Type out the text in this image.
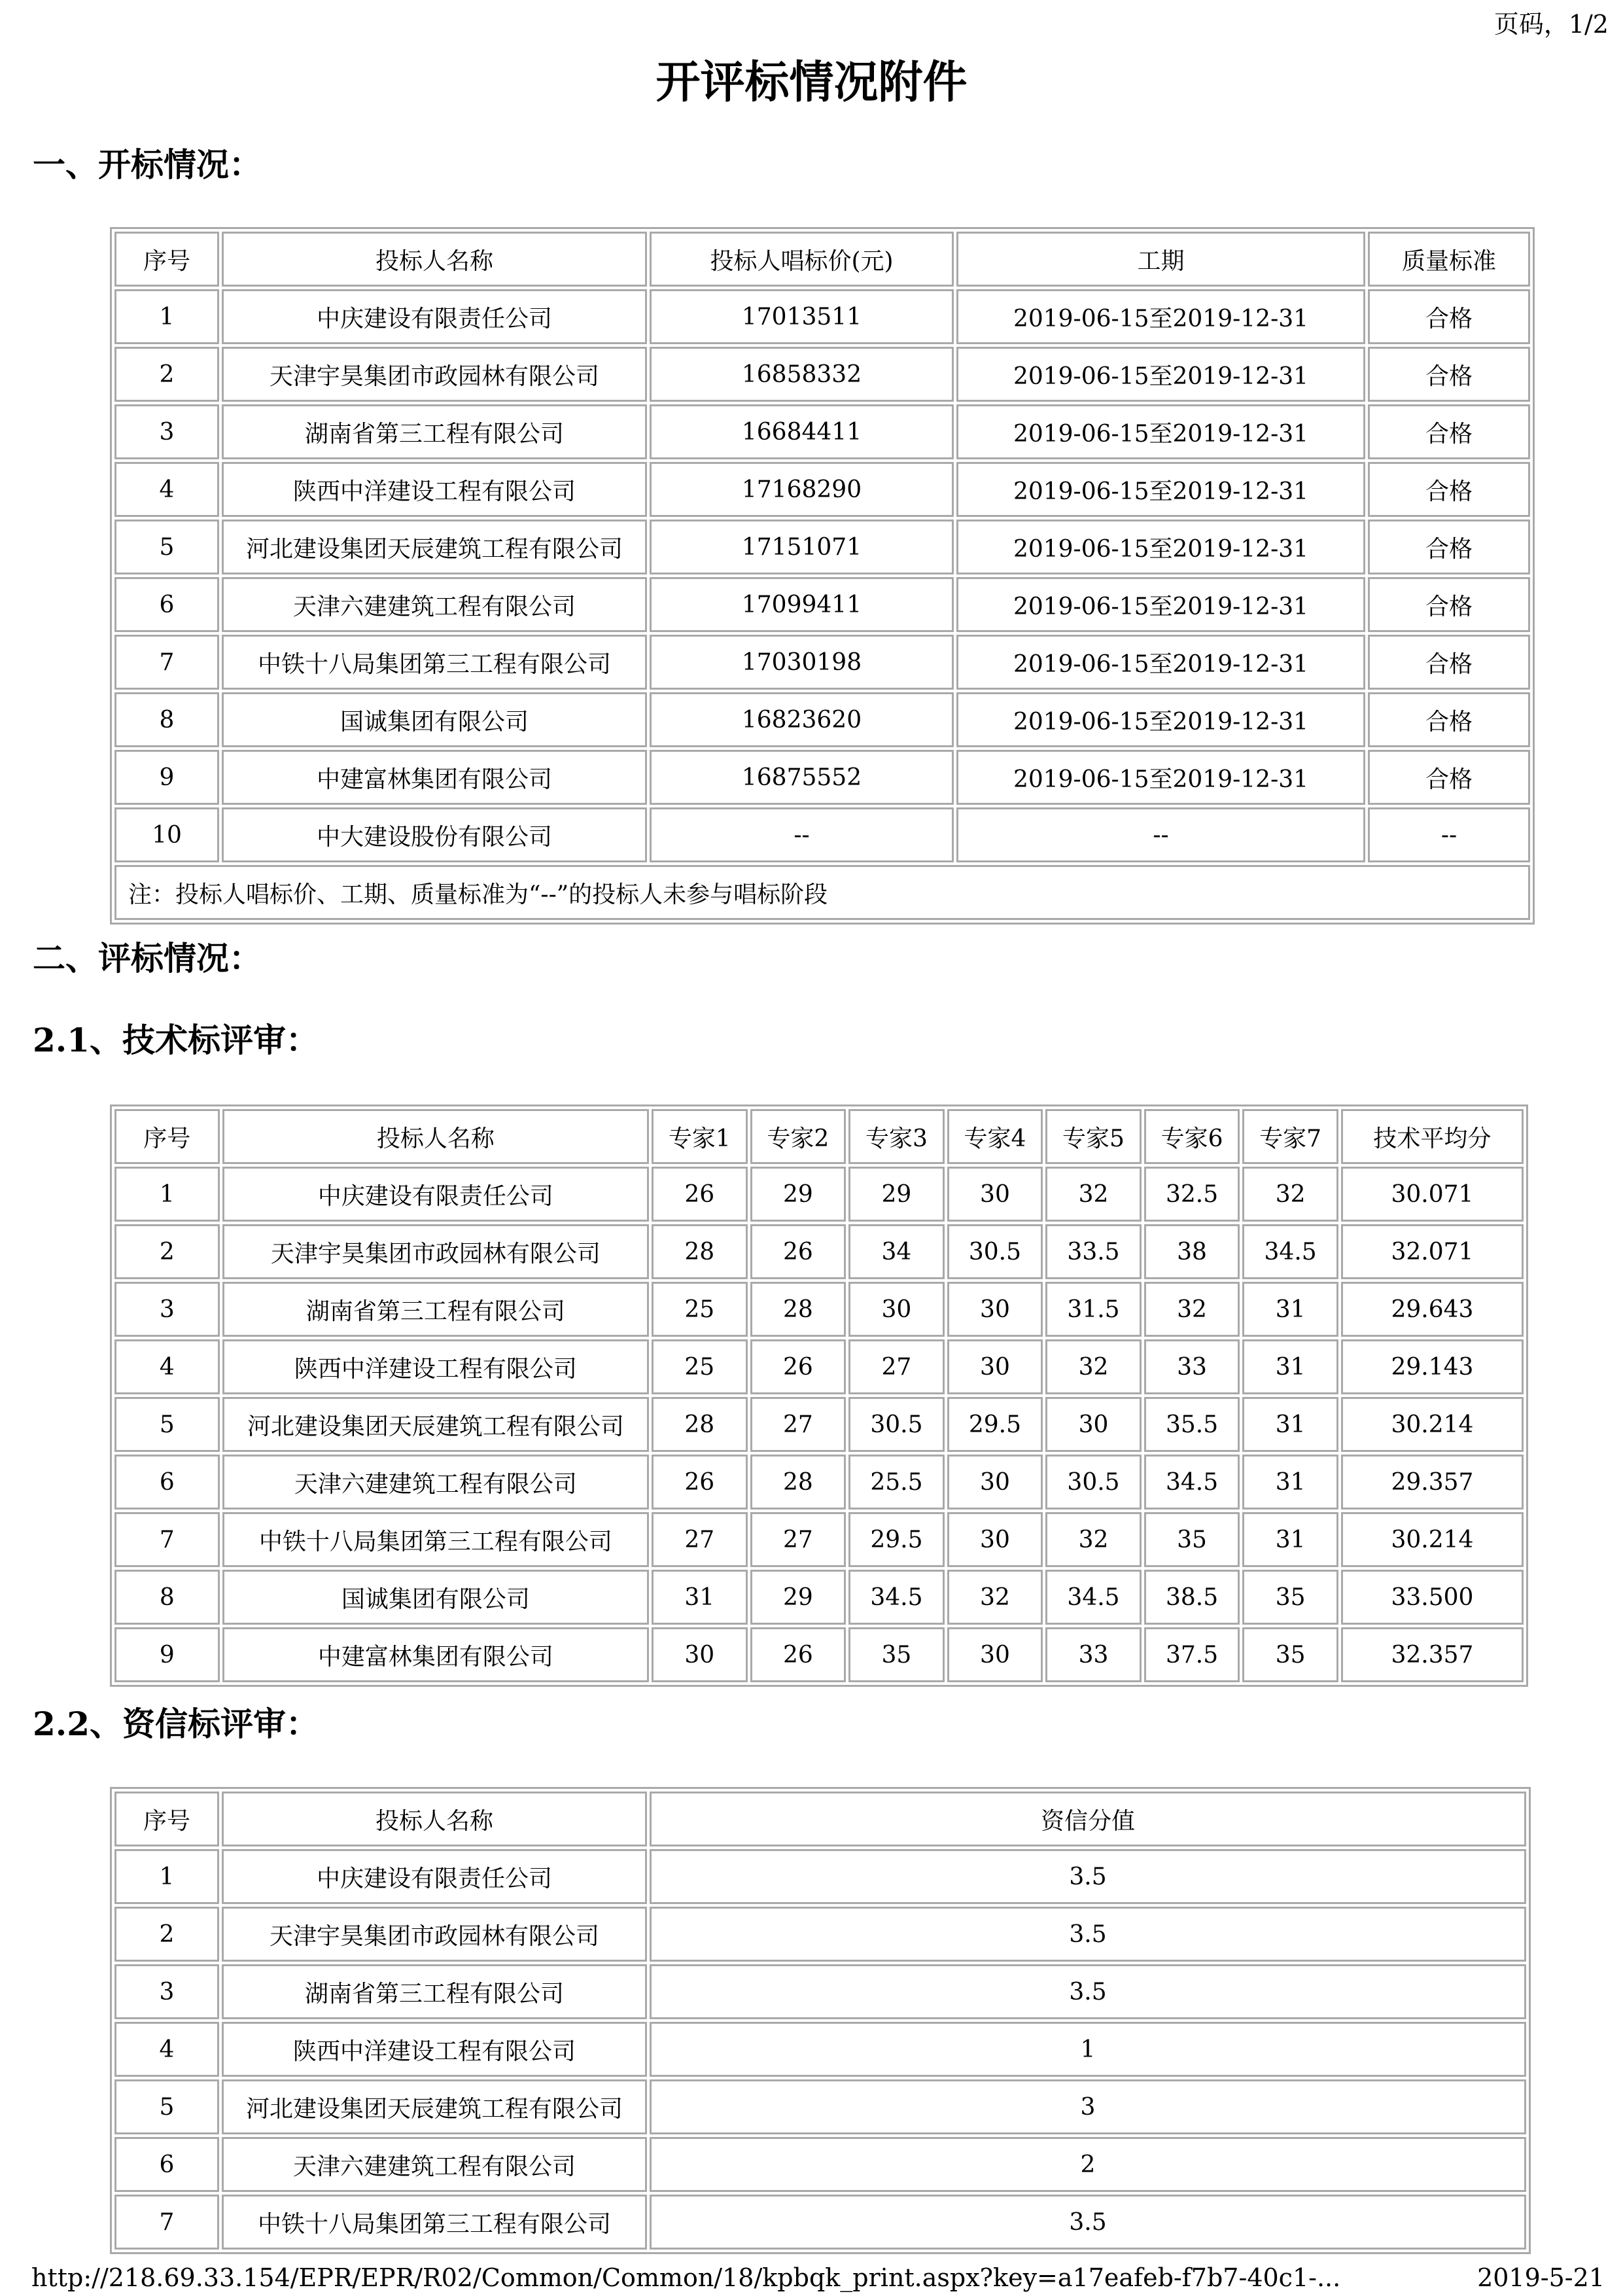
页码，1/2
开评标情况附件
一、开标情况：
序号	投标人名称	投标人唱标价(元)	工期	质量标准
1	中庆建设有限责任公司	17013511	2019-06-15至2019-12-31	合格
2	天津宇昊集团市政园林有限公司	16858332	2019-06-15至2019-12-31	合格
3	湖南省第三工程有限公司	16684411	2019-06-15至2019-12-31	合格
4	陕西中洋建设工程有限公司	17168290	2019-06-15至2019-12-31	合格
5	河北建设集团天辰建筑工程有限公司	17151071	2019-06-15至2019-12-31	合格
6	天津六建建筑工程有限公司	17099411	2019-06-15至2019-12-31	合格
7	中铁十八局集团第三工程有限公司	17030198	2019-06-15至2019-12-31	合格
8	国诚集团有限公司	16823620	2019-06-15至2019-12-31	合格
9	中建富林集团有限公司	16875552	2019-06-15至2019-12-31	合格
10	中大建设股份有限公司	--	--	--
注：投标人唱标价、工期、质量标准为“--”的投标人未参与唱标阶段				
二、评标情况：
2.1、技术标评审：
序号	投标人名称	专家1	专家2	专家3	专家4	专家5	专家6	专家7	技术平均分
1	中庆建设有限责任公司	26	29	29	30	32	32.5	32	30.071
2	天津宇昊集团市政园林有限公司	28	26	34	30.5	33.5	38	34.5	32.071
3	湖南省第三工程有限公司	25	28	30	30	31.5	32	31	29.643
4	陕西中洋建设工程有限公司	25	26	27	30	32	33	31	29.143
5	河北建设集团天辰建筑工程有限公司	28	27	30.5	29.5	30	35.5	31	30.214
6	天津六建建筑工程有限公司	26	28	25.5	30	30.5	34.5	31	29.357
7	中铁十八局集团第三工程有限公司	27	27	29.5	30	32	35	31	30.214
8	国诚集团有限公司	31	29	34.5	32	34.5	38.5	35	33.500
9	中建富林集团有限公司	30	26	35	30	33	37.5	35	32.357
2.2、资信标评审：
序号	投标人名称	资信分值
1	中庆建设有限责任公司	3.5
2	天津宇昊集团市政园林有限公司	3.5
3	湖南省第三工程有限公司	3.5
4	陕西中洋建设工程有限公司	1
5	河北建设集团天辰建筑工程有限公司	3
6	天津六建建筑工程有限公司	2
7	中铁十八局集团第三工程有限公司	3.5
http://218.69.33.154/EPR/EPR/R02/Common/Common/18/kpbqk_print.aspx?key=a17eafeb-f7b7-40c1-...	2019-5-21
